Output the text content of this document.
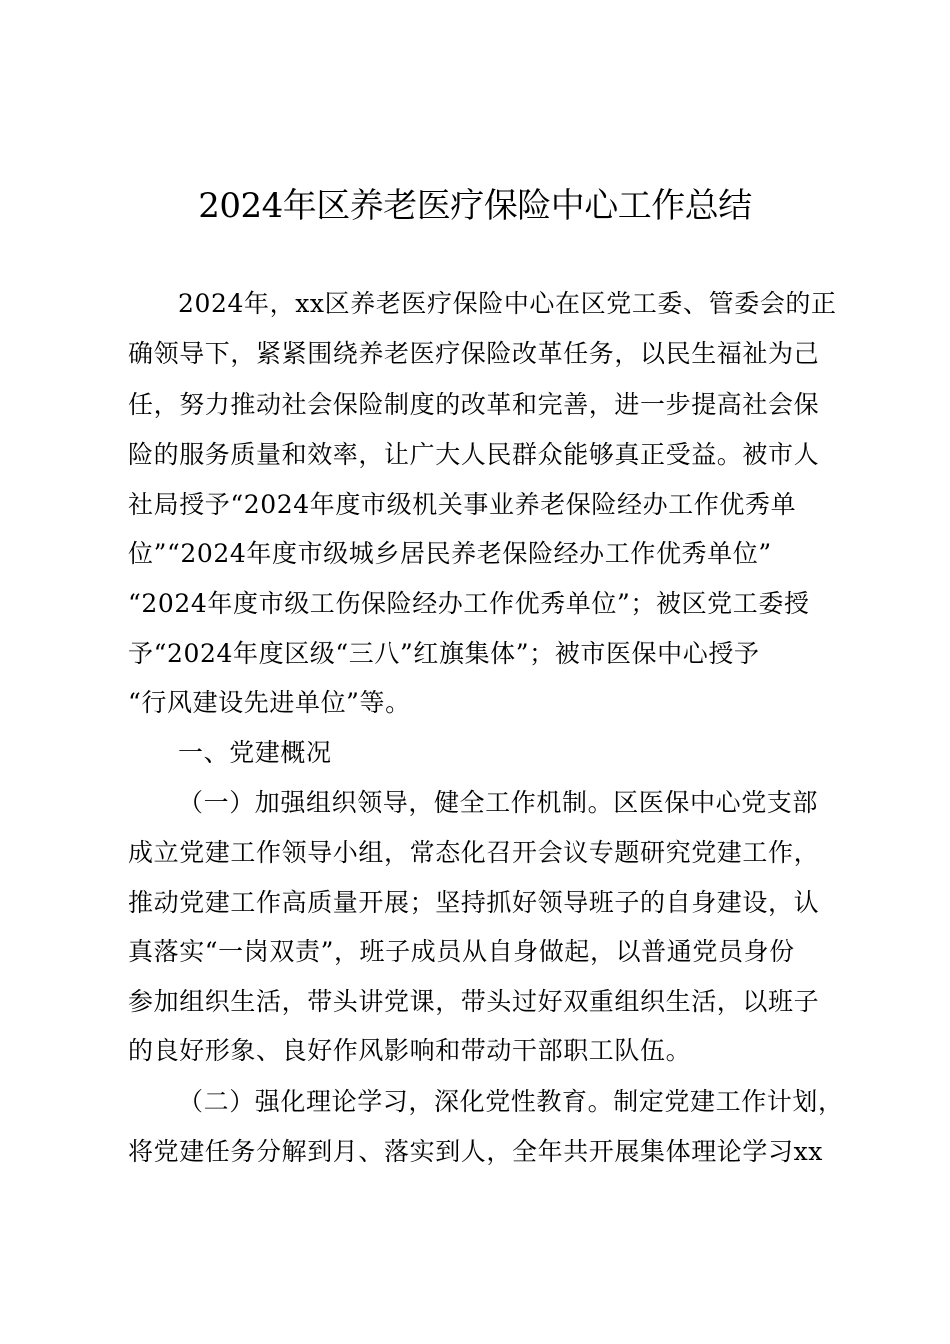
2024年区养老医疗保险中心工作总结
2024年，xx区养老医疗保险中心在区党工委、管委会的正
确领导下，紧紧围绕养老医疗保险改革任务，以民生福祉为己
任，努力推动社会保险制度的改革和完善，进一步提高社会保
险的服务质量和效率，让广大人民群众能够真正受益。被市人
社局授予“2024年度市级机关事业养老保险经办工作优秀单
位”“2024年度市级城乡居民养老保险经办工作优秀单位”
“2024年度市级工伤保险经办工作优秀单位”；被区党工委授
予“2024年度区级“三八”红旗集体”；被市医保中心授予
“行风建设先进单位”等。
一、党建概况
（一）加强组织领导，健全工作机制。区医保中心党支部
成立党建工作领导小组，常态化召开会议专题研究党建工作，
推动党建工作高质量开展；坚持抓好领导班子的自身建设，认
真落实“一岗双责”，班子成员从自身做起，以普通党员身份
参加组织生活，带头讲党课，带头过好双重组织生活，以班子
的良好形象、良好作风影响和带动干部职工队伍。
（二）强化理论学习，深化党性教育。制定党建工作计划，
将党建任务分解到月、落实到人，全年共开展集体理论学习xx
